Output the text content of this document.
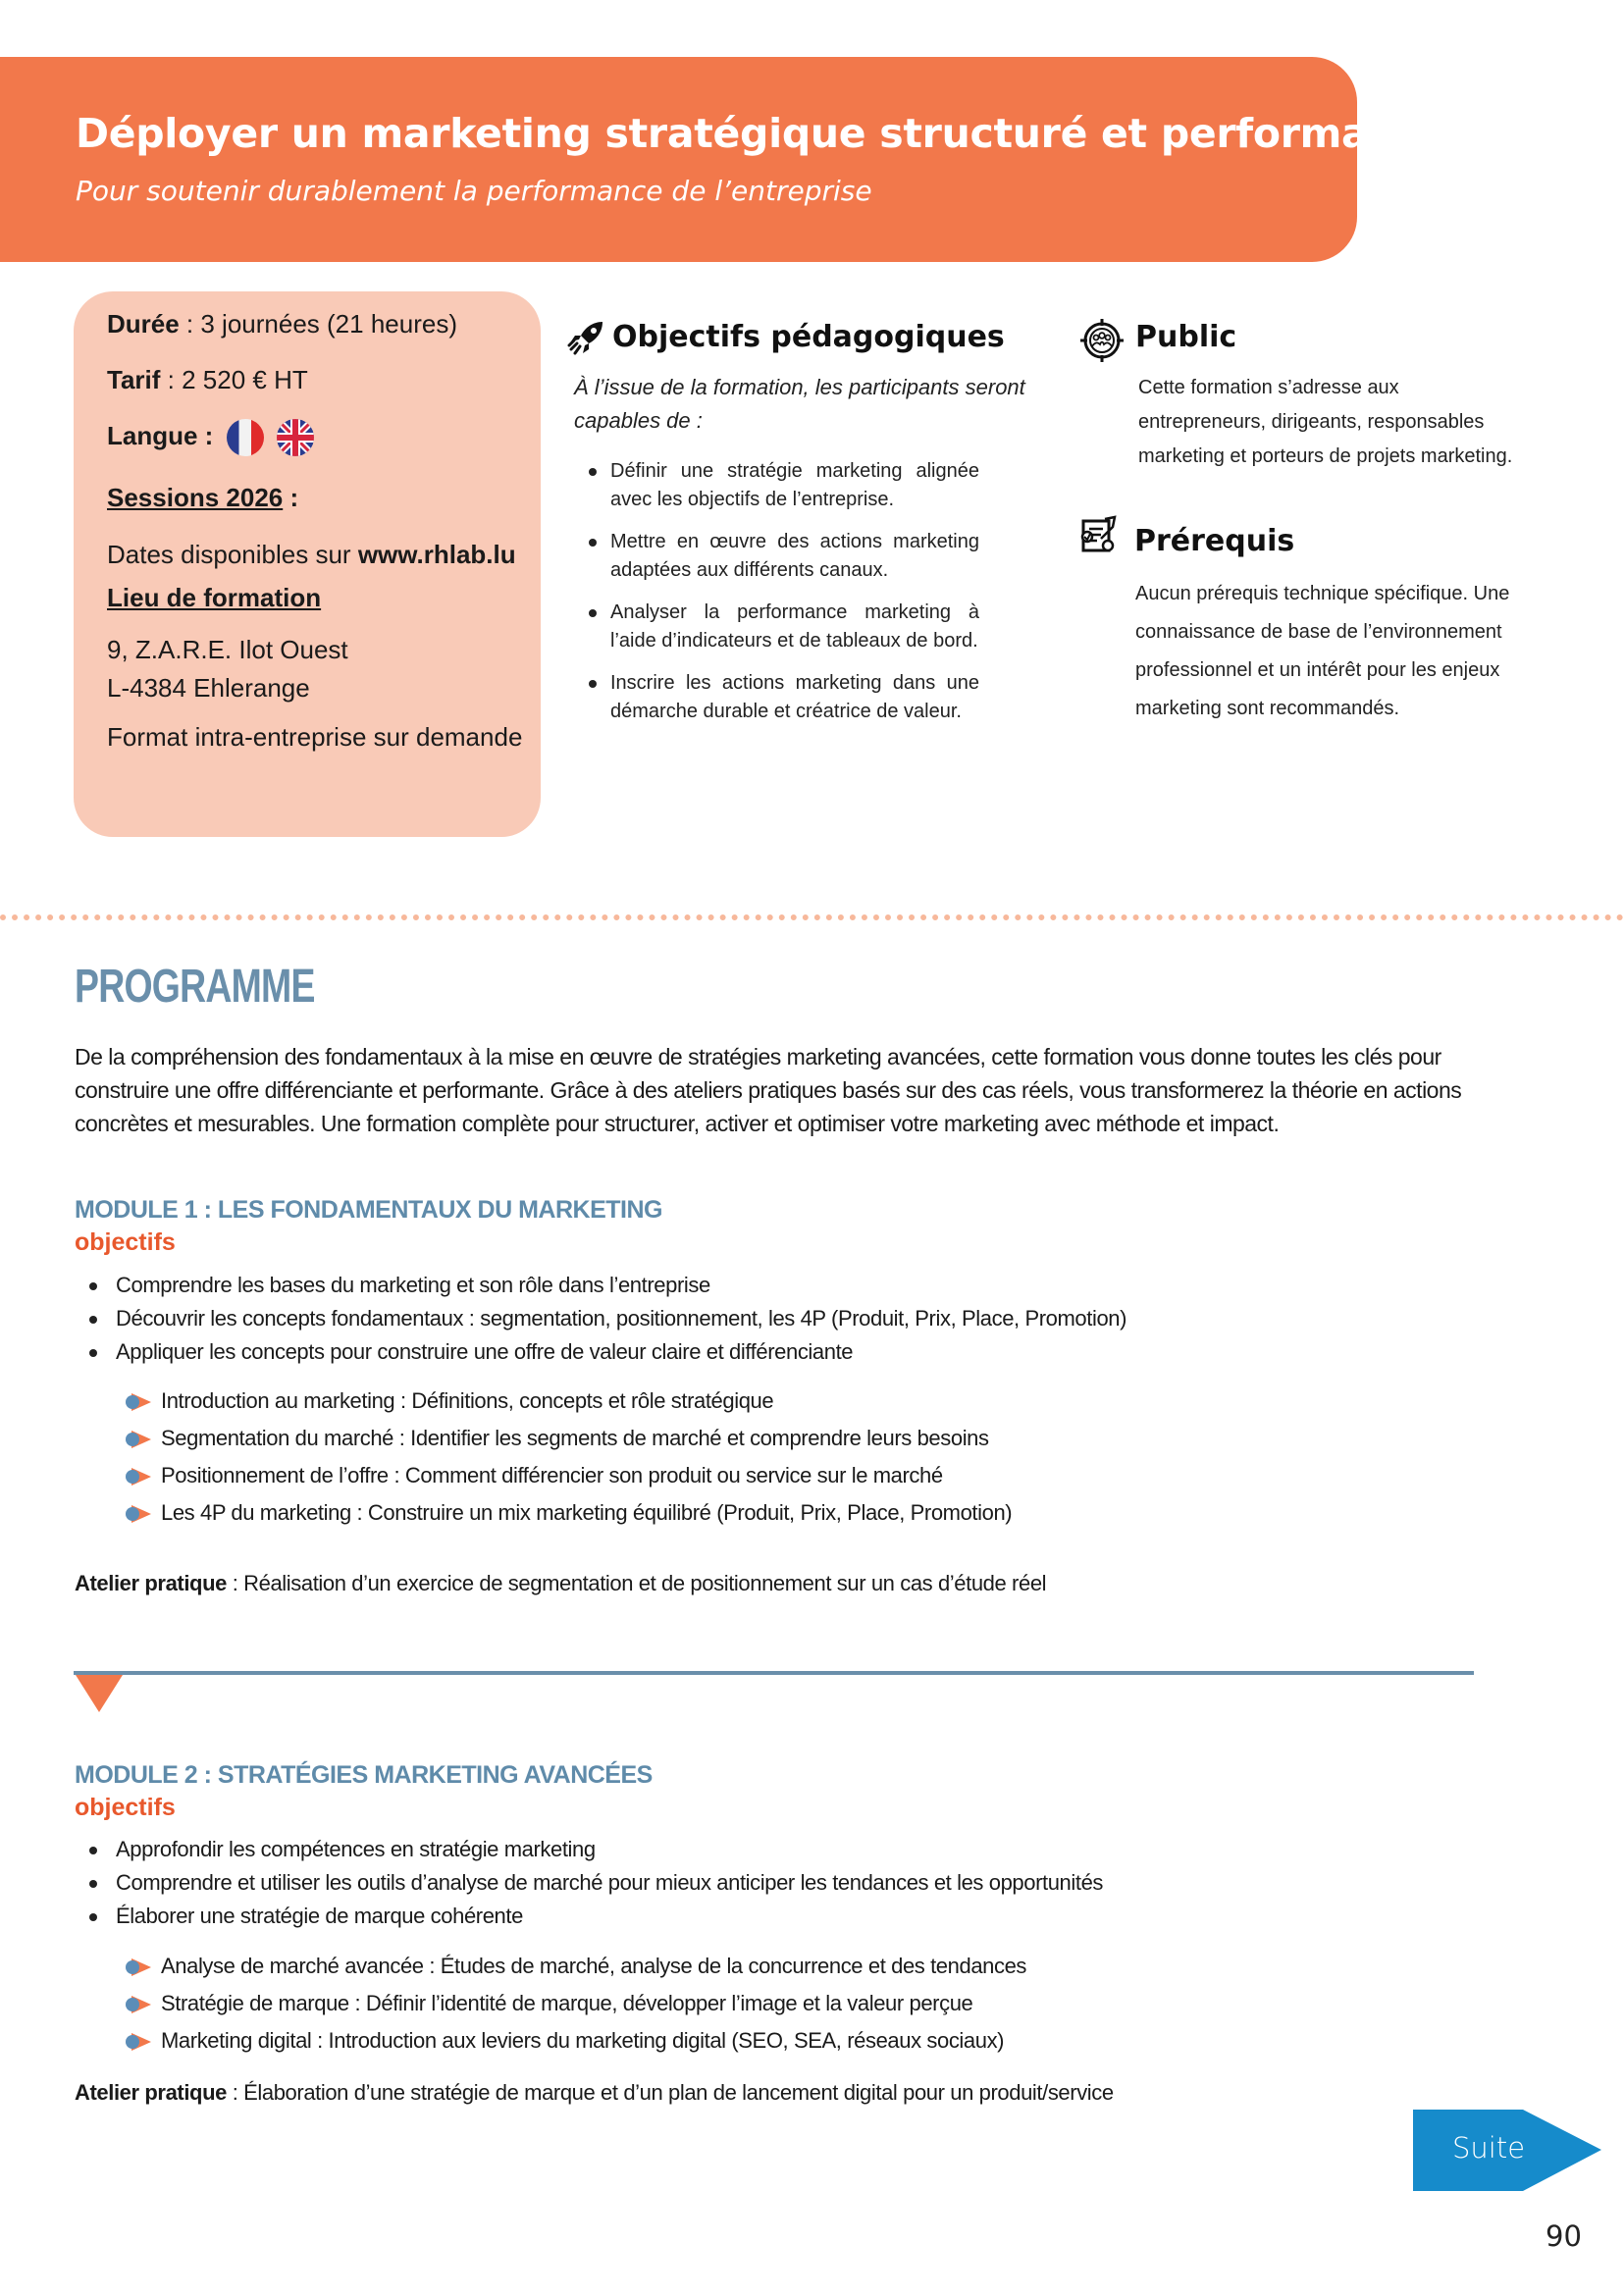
Déployer un marketing stratégique structuré et performant
Pour soutenir durablement la performance de l’entreprise
Durée : 3 journées (21 heures)
Tarif : 2 520 € HT
Langue :
Sessions 2026 :
Dates disponibles sur www.rhlab.lu
Lieu de formation
9, Z.A.R.E. Ilot Ouest
L-4384 Ehlerange
Format intra-entreprise sur demande
Objectifs pédagogiques
À l’issue de la formation, les participants seront capables de :
Définir une stratégie marketing alignée avec les objectifs de l’entreprise.
Mettre en œuvre des actions marketing adaptées aux différents canaux.
Analyser la performance marketing à l’aide d’indicateurs et de tableaux de bord.
Inscrire les actions marketing dans une démarche durable et créatrice de valeur.
Public
Cette formation s’adresse aux entrepreneurs, dirigeants, responsables marketing et porteurs de projets marketing.
Prérequis
Aucun prérequis technique spécifique. Une connaissance de base de l’environnement professionnel et un intérêt pour les enjeux marketing sont recommandés.
PROGRAMME
De la compréhension des fondamentaux à la mise en œuvre de stratégies marketing avancées, cette formation vous donne toutes les clés pour construire une offre différenciante et performante. Grâce à des ateliers pratiques basés sur des cas réels, vous transformerez la théorie en actions concrètes et mesurables. Une formation complète pour structurer, activer et optimiser votre marketing avec méthode et impact.
MODULE 1 : LES FONDAMENTAUX DU MARKETING
objectifs
Comprendre les bases du marketing et son rôle dans l’entreprise
Découvrir les concepts fondamentaux : segmentation, positionnement, les 4P (Produit, Prix, Place, Promotion)
Appliquer les concepts pour construire une offre de valeur claire et différenciante
Introduction au marketing : Définitions, concepts et rôle stratégique
Segmentation du marché : Identifier les segments de marché et comprendre leurs besoins
Positionnement de l’offre : Comment différencier son produit ou service sur le marché
Les 4P du marketing : Construire un mix marketing équilibré (Produit, Prix, Place, Promotion)
Atelier pratique : Réalisation d’un exercice de segmentation et de positionnement sur un cas d’étude réel
MODULE 2 : STRATÉGIES MARKETING AVANCÉES
objectifs
Approfondir les compétences en stratégie marketing
Comprendre et utiliser les outils d’analyse de marché pour mieux anticiper les tendances et les opportunités
Élaborer une stratégie de marque cohérente
Analyse de marché avancée : Études de marché, analyse de la concurrence et des tendances
Stratégie de marque : Définir l’identité de marque, développer l’image et la valeur perçue
Marketing digital : Introduction aux leviers du marketing digital (SEO, SEA, réseaux sociaux)
Atelier pratique : Élaboration d’une stratégie de marque et d’un plan de lancement digital pour un produit/service
Suite
90
